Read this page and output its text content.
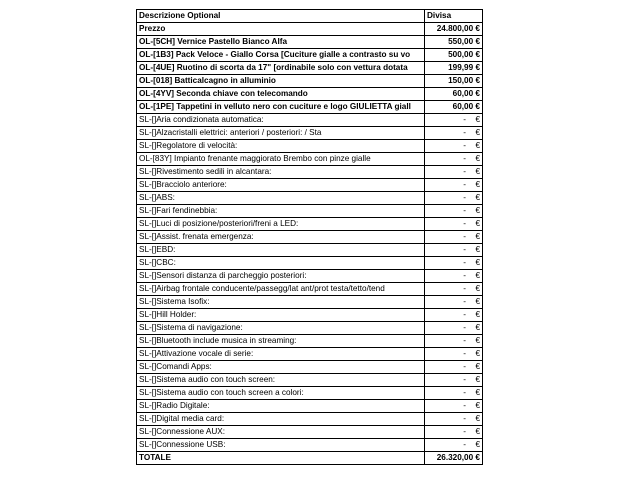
Descrizione Optional	Divisa
Prezzo	24.800,00 €
OL-[5CH] Vernice Pastello Bianco Alfa	550,00 €
OL-[1B3] Pack Veloce - Giallo Corsa [Cuciture gialle a contrasto su vo	500,00 €
OL-[4UE] Ruotino di scorta da 17" [ordinabile solo con vettura dotata	199,99 €
OL-[018] Batticalcagno in alluminio	150,00 €
OL-[4YV] Seconda chiave con telecomando	60,00 €
OL-[1PE] Tappetini in velluto nero con cuciture e logo GIULIETTA giall	60,00 €
SL-[]Aria condizionata automatica:	- €
SL-[]Alzacristalli elettrici: anteriori / posteriori: / Sta	- €
SL-[]Regolatore di velocità:	- €
OL-[83Y] Impianto frenante maggiorato Brembo con pinze gialle	- €
SL-[]Rivestimento sedili in alcantara:	- €
SL-[]Bracciolo anteriore:	- €
SL-[]ABS:	- €
SL-[]Fari fendinebbia:	- €
SL-[]Luci di posizione/posteriori/freni a LED:	- €
SL-[]Assist. frenata emergenza:	- €
SL-[]EBD:	- €
SL-[]CBC:	- €
SL-[]Sensori distanza di parcheggio posteriori:	- €
SL-[]Airbag frontale conducente/passegg/lat ant/prot testa/tetto/tend	- €
SL-[]Sistema Isofix:	- €
SL-[]Hill Holder:	- €
SL-[]Sistema di navigazione:	- €
SL-[]Bluetooth include musica in streaming:	- €
SL-[]Attivazione vocale di serie:	- €
SL-[]Comandi Apps:	- €
SL-[]Sistema audio con touch screen:	- €
SL-[]Sistema audio con touch screen a colori:	- €
SL-[]Radio Digitale:	- €
SL-[]Digital media card:	- €
SL-[]Connessione AUX:	- €
SL-[]Connessione USB:	- €
TOTALE	26.320,00 €
